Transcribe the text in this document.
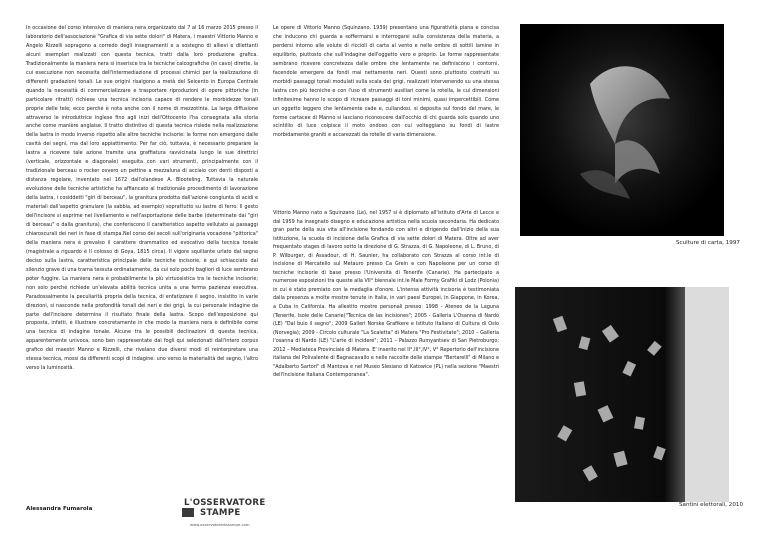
In occasione del corso intensivo di maniera nera organizzato dal 7 al 16 marzo 2015 presso il laboratorio dell'associazione "Grafica di via sette dolori" di Matera, i maestri Vittorio Manno e Angelo Rizzelli sopragono a corredo degli insegnamenti e a sostegno di allievi e dilettanti alcuni esemplari realizzati con questa tecnica, tratti dalla loro produzione grafica. Tradizionalmente la maniera nera si inserisce tra le tecniche calcografiche (in cavo) dirette, la cui esecuzione non necessita dell'intermediazione di processi chimici per la realizzazione di differenti gradazioni tonali. Le sue origini risalgono a metà del Seicento in Europa Centrale quando la necessità di commercializzare e trasportare riproduzioni di opere pittoriche (in particolare ritratti) richiese una tecnica incisoria capace di rendere le morbidezze tonali proprie delle tele; ecco perché è nota anche con il nome di mezzotinta. La larga diffusione attraverso le introduttrice inglese fino agli inizi dell'Ottocento l'ha consegnata alla storia anche come manière anglaise. Il tratto distintivo di questa tecnica risiede nella realizzazione della lastra in modo inverso rispetto alle altre tecniche incisorie: le forme non emergono dalle cavità dei segni, ma dal loro appiattimento. Per far ciò, tuttavia, è necessario preparare la lastra a ricevere tale azione tramite una graffiatura ravvicinata lungo le sue direttrici (verticale, orizzontale e diagonale) eseguita con vari strumenti, principalmente con il tradizionale berceau o rocker ovvero un pettine a mezzaluna di acciaio con denti disposti a distanza regolare, inventato nel 1672 dall'olandese A. Blooteling. Tuttavia la naturale evoluzione delle tecniche artistiche ha affiancato al tradizionale procedimento di lavorazione della lastra, i cosiddetti "giri di berceau", la granitura prodotta dall'azione congiunta di acidi e materiali dall'aspetto granulare (la sabbia, ad esempio) soprattutto su lastre di ferro. Il gesto dell'incisore si esprime nel livellamento e nell'asportazione delle barbe (determinate dai "giri di berceau" o dalla granitura), che conferiscono il caratteristico aspetto vellutato ai passaggi chiaroscurali dei neri in fase di stampa.Nel corso dei secoli sull'originaria vocazione "pittorica" della maniera nera è prevalso il carattere drammatico ed evocativo della tecnica tonale (magistrale a riguardo è Il colosso di Goya, 1815 circa). Il vigore squillante urlato dal segno deciso sulla lastra, caratteristica principale delle tecniche incisorie, è qui schiacciato dal silenzio grave di una trama tessuta ordinatamente, da cui solo pochi bagliori di luce sembrano poter fuggire. La maniera nera è probabilmente la più virtuosistica tra le tecniche incisorie; non solo perché richiede un'elevata abilità tecnica unita a una ferma pazienza esecutiva. Paradossalmente la peculiarità propria della tecnica, di enfatizzare il segno, insistito in varie direzioni, si nasconde nella profondità tonali dei neri e dei grigi, la cui personale indagine da parte dell'incisore determina il risultato finale della lastra. Scopo dell'esposizione qui proposta, infatti, è illustrare concretamente in che modo la maniera nera è definibile come una tecnica di indagine tonale. Alcune tra le possibili declinazioni di questa tecnica, apparentemente univoca, sono ben rappresentate dai fogli qui selezionati dall'intero corpus grafico dei maestri Manno e Rizzelli, che rivelano due diversi modi di reinterpretare una stessa tecnica, mossi da differenti scopi di indagine: uno verso la materialità del segno, l'altro verso la luminosità.

Alessandra Fumarola
L'OSSERVATORE
STAMPE
www.osservatoredistampe.com

Le opere di Vittorio Manno (Squinzano, 1939) presentano una figuratività piana e concisa che inducono chi guarda a soffermarsi e interrogarsi sulla consistenza della materia, a perdersi intorno alle volute di riccioli di carta al vento e nelle ombre di sottili lamine in equilibrio, piuttosto che sull'indagine dell'oggetto vero e proprio. Le forme rappresentate sembrano ricevere concretezza dalle ombre che lentamente ne definiscono i contorni, facendole emergere da fondi mai nettamente neri. Questi sono piuttosto costruiti su morbidi passaggi tonali modulati sulla scala dei grigi, realizzati intervenendo su una stessa lastra con più tecniche e con l'uso di strumenti ausiliari come la rotella, le cui dimensioni infinitesime hanno lo scopo di ricreare passaggi di toni minimi, quasi impercettibili. Come un oggetto leggero che lentamente cade e, cullandosi, si deposita sul fondo del mare, le forme cartacee di Manno si lasciano riconoscere dall'occhio di chi guarda solo quando uno scintillio di luce colpisce il moto ondoso con cui volteggiano su fondi di lastre morbidamente graniti e accarezzati da rotelle di varia dimensione.

Vittorio Manno nato a Squinzano (Le), nel 1957 si è diplomato all'istituto d'Arte di Lecce e dal 1959 ha insegnato disegno e educazione artistica nella scuola secondaria. Ha dedicato gran parte della sua vita all'incisione fondando con altri e dirigendo dall'inizio della sua istituzione, la scuola di incisione della Grafica di via sette dolori di Matera. Oltre ad aver frequentato stages di lavoro sotto la direzione di G. Strazza, di G. Napoleone, di L. Bruno, di P. Wilburger, di Assadour, di H. Saunier, ha collaborato con Strazza al corso int.le di incisione di Mercatello sul Metauro presso Ca Grein e con Napoleone per un corso di tecniche incisorie di base presso l'Università di Tenerife (Canarie). Ha partecipato a numerose esposizioni tra queste alla VII° biennale int.le Male Formy Grafiki di Lodz (Polonia) in cui è stato premiato con la medaglia d'onore. L'intensa attività incisoria è testimoniata dalla presenza a molte mostre tenute in Italia, in vari paesi Europei, in Giappone, in Korea, a Cuba in California. Ha allestito mostre personali presso: 1998 - Ateneo de la Laguna (Tenerife, Isole delle Canarie)"Tecnica de las incisiones"; 2005 - Galleria L'Osanna di Nardò (LE) "Dal buio il segno"; 2009 Galleri Norske Grafikere e Istituto Italiano di Cultura di Oslo (Norvegia); 2009 - Circolo culturale "La Scaletta" di Matera "Pro Festivitate"; 2010 – Galleria l'osanna di Nardò (LE) "L'arte di incidere"; 2011 – Palazzo Rumyantsev di San Pietroburgo; 2012 – Mediateca Provinciale di Matera. E' inserito nel II°,III°,IV°, V° Repertorio dell'incisione italiana del Polivalente di Bagnacavallo e nelle raccolte delle stampe "Bertarelli" di Milano e "Adalberto Sartori" di Mantova e nel Museo Slesiano di Katowice (PL) nella sezione "Maestri dell'Incisione Italiana Contemporanea".

Sculture di carta, 1997
Santini elettorali, 2010
